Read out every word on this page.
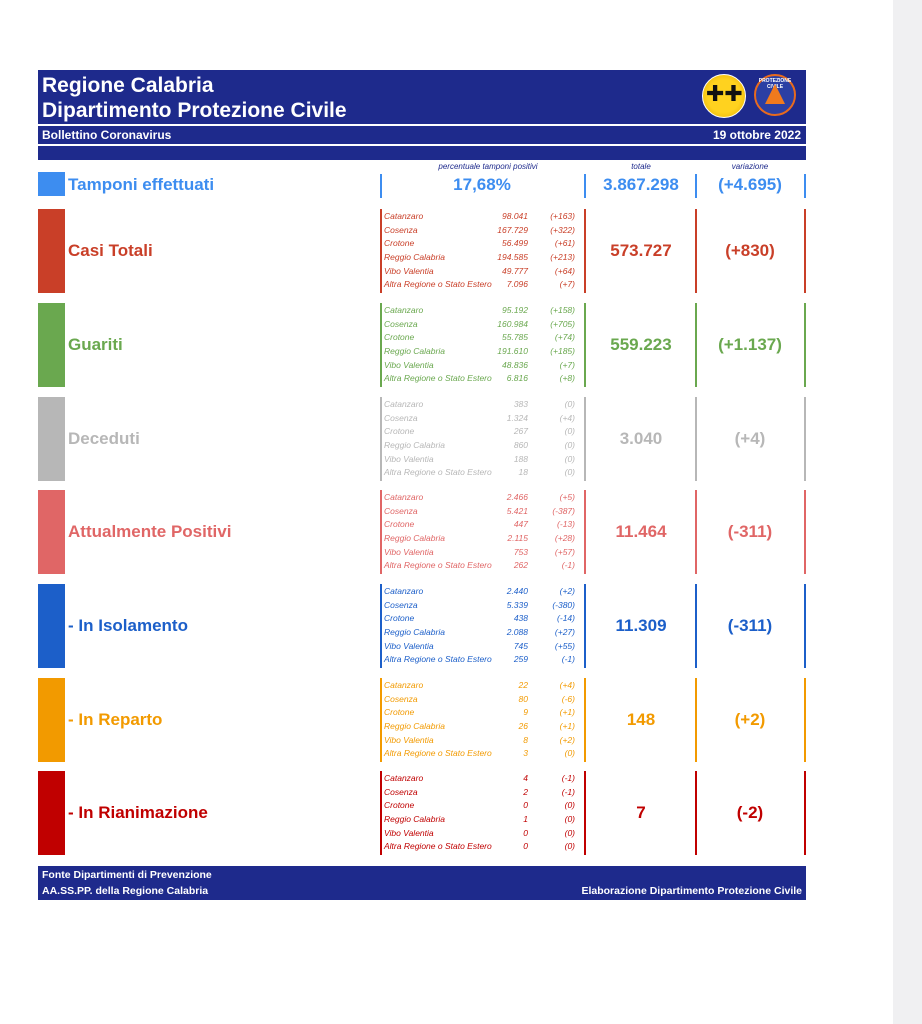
Regione Calabria
Dipartimento Protezione Civile
Bollettino Coronavirus	19 ottobre 2022
✚✚	PROTEZIONE CIVILE
percentuale tamponi positivi	totale	variazione
Tamponi effettuati	17,68%	3.867.298	(+4.695)
Casi Totali
Catanzaro	98.041	(+163)
Cosenza	167.729	(+322)
Crotone	56.499	(+61)
Reggio Calabria	194.585	(+213)
Vibo Valentia	49.777	(+64)
Altra Regione o Stato Estero 7.096	(+7)
573.727	(+830)
Guariti
Catanzaro	95.192	(+158)
Cosenza	160.984	(+705)
Crotone	55.785	(+74)
Reggio Calabria	191.610	(+185)
Vibo Valentia	48.836	(+7)
Altra Regione o Stato Estero 6.816	(+8)
559.223	(+1.137)
Deceduti
Catanzaro	383	(0)
Cosenza	1.324	(+4)
Crotone	267	(0)
Reggio Calabria	860	(0)
Vibo Valentia	188	(0)
Altra Regione o Stato Estero	18	(0)
3.040	(+4)
Attualmente Positivi
Catanzaro	2.466	(+5)
Cosenza	5.421	(-387)
Crotone	447	(-13)
Reggio Calabria	2.115	(+28)
Vibo Valentia	753	(+57)
Altra Regione o Stato Estero	262	(-1)
11.464	(-311)
- In Isolamento
Catanzaro	2.440	(+2)
Cosenza	5.339	(-380)
Crotone	438	(-14)
Reggio Calabria	2.088	(+27)
Vibo Valentia	745	(+55)
Altra Regione o Stato Estero	259	(-1)
11.309	(-311)
- In Reparto
Catanzaro	22	(+4)
Cosenza	80	(-6)
Crotone	9	(+1)
Reggio Calabria	26	(+1)
Vibo Valentia	8	(+2)
Altra Regione o Stato Estero	3	(0)
148	(+2)
- In Rianimazione
Catanzaro	4	(-1)
Cosenza	2	(-1)
Crotone	0	(0)
Reggio Calabria	1	(0)
Vibo Valentia	0	(0)
Altra Regione o Stato Estero	0	(0)
7	(-2)
Fonte Dipartimenti di Prevenzione
AA.SS.PP. della Regione Calabria	Elaborazione Dipartimento Protezione Civile
